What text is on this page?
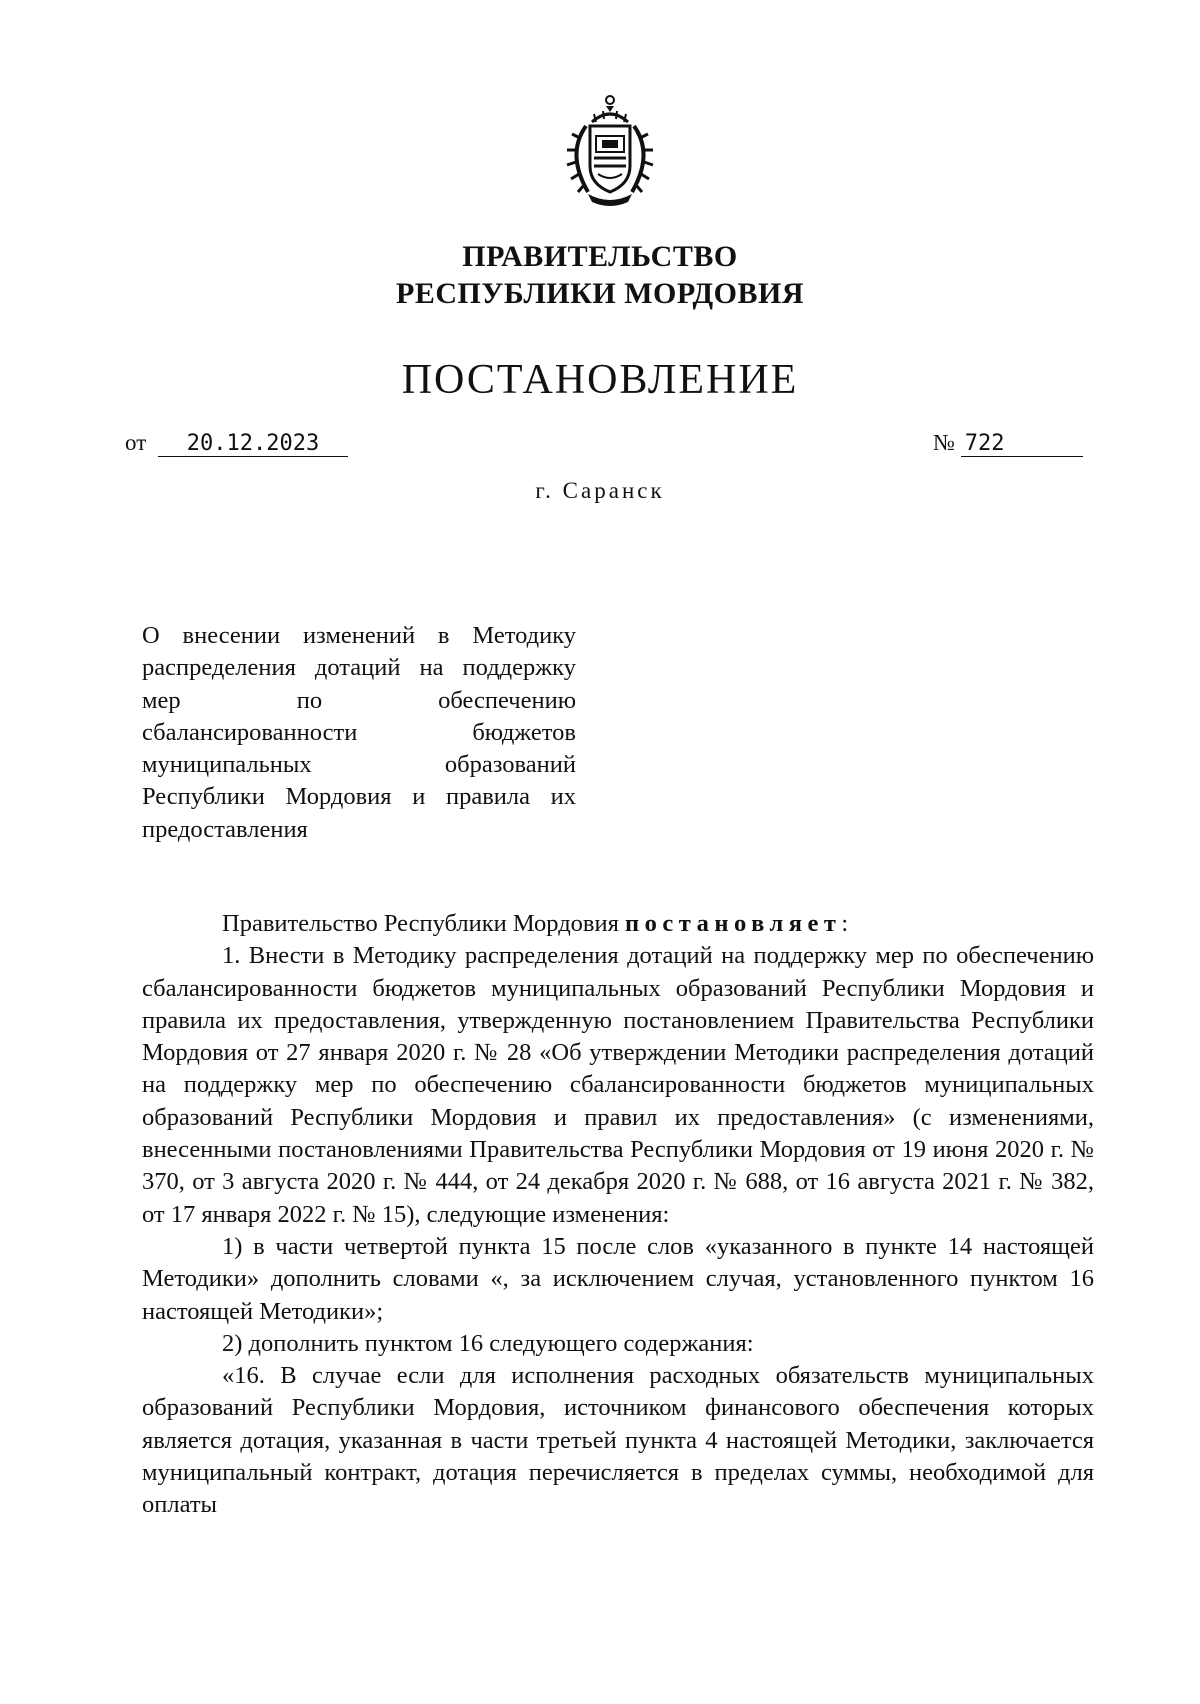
ПРАВИТЕЛЬСТВО
РЕСПУБЛИКИ МОРДОВИЯ
ПОСТАНОВЛЕНИЕ
от 20.12.2023	№ 722
г. Саранск
О внесении изменений в Методику распределения дотаций на поддержку мер по обеспечению сбалансированности бюджетов муниципальных образований Республики Мордовия и правила их предоставления

Правительство Республики Мордовия постановляет:

1. Внести в Методику распределения дотаций на поддержку мер по обеспечению сбалансированности бюджетов муниципальных образований Республики Мордовия и правила их предоставления, утвержденную постановлением Правительства Республики Мордовия от 27 января 2020 г. № 28 «Об утверждении Методики распределения дотаций на поддержку мер по обеспечению сбалансированности бюджетов муниципальных образований Республики Мордовия и правил их предоставления» (с изменениями, внесенными постановлениями Правительства Республики Мордовия от 19 июня 2020 г. № 370, от 3 августа 2020 г. № 444, от 24 декабря 2020 г. № 688, от 16 августа 2021 г. № 382, от 17 января 2022 г. № 15), следующие изменения:

1) в части четвертой пункта 15 после слов «указанного в пункте 14 настоящей Методики» дополнить словами «, за исключением случая, установленного пунктом 16 настоящей Методики»;

2) дополнить пунктом 16 следующего содержания:

«16. В случае если для исполнения расходных обязательств муниципальных образований Республики Мордовия, источником финансового обеспечения которых является дотация, указанная в части третьей пункта 4 настоящей Методики, заключается муниципальный контракт, дотация перечисляется в пределах суммы, необходимой для оплаты
